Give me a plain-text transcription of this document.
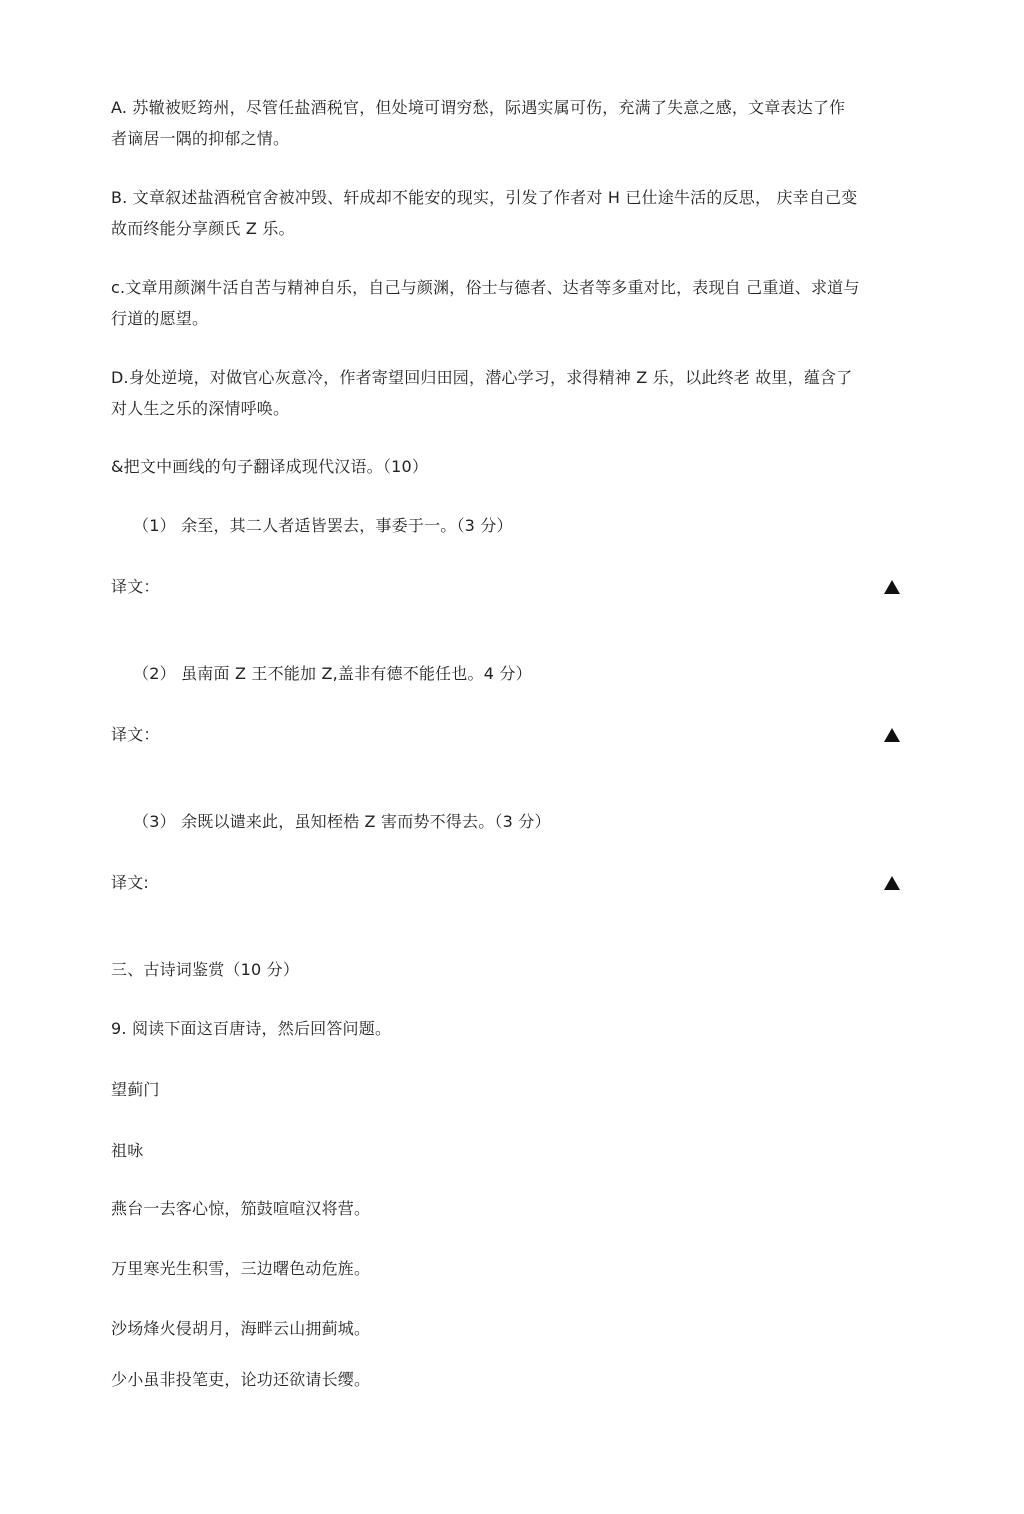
A. 苏辙被贬筠州，尽管任盐酒税官，但处境可谓穷愁，际遇实属可伤，充满了失意之感，文章表达了作
者谪居一隅的抑郁之情。
B. 文章叙述盐酒税官舍被冲毁、轩成却不能安的现实，引发了作者对 H 已仕途牛活的反思， 庆幸自己变
故而终能分享颜氏 Z 乐。
c.文章用颜渊牛活自苦与精神自乐，自己与颜渊，俗士与德者、达者等多重对比，表现自 己重道、求道与
行道的愿望。
D.身处逆境，对做官心灰意冷，作者寄望回归田园，潜心学习，求得精神 Z 乐，以此终老 故里，蕴含了
对人生之乐的深情呼唤。
&把文中画线的句子翻译成现代汉语。（10）
（1） 余至，其二人者适皆罢去，事委于一。（3 分）
译文：
（2） 虽南面 Z 王不能加 Z,盖非有德不能任也。4 分）
译文：
（3） 余既以谴来此，虽知桎梏 Z 害而势不得去。（3 分）
译文:
三、古诗词鉴赏（10 分）
9. 阅读下面这百唐诗，然后回答问题。
望蓟门
祖咏
燕台一去客心惊，笳鼓喧喧汉将营。
万里寒光生积雪，三边曙色动危旌。
沙场烽火侵胡月，海畔云山拥蓟城。
少小虽非投笔吏，论功还欲请长缨。
